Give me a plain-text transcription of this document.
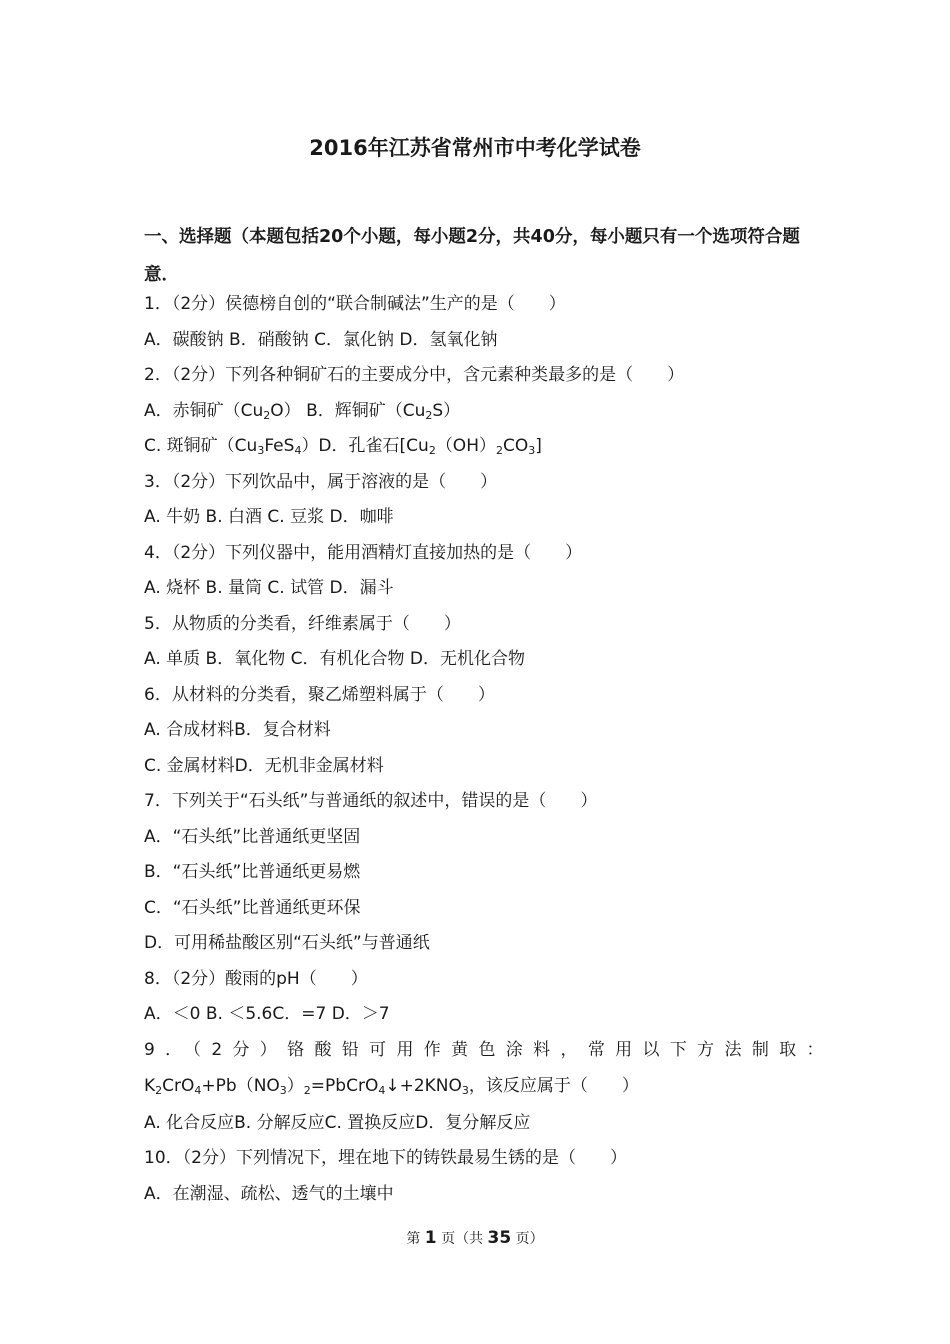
2016年江苏省常州市中考化学试卷
一、选择题（本题包括20个小题，每小题2分，共40分，每小题只有一个选项符合题意．
1．（2分）侯德榜自创的“联合制碱法”生产的是（　　）
A．碳酸钠 B．硝酸钠 C．氯化钠 D．氢氧化钠
2．（2分）下列各种铜矿石的主要成分中，含元素种类最多的是（　　）
A．赤铜矿$(Cu_2O)$ B．辉铜矿$(Cu_2S)$
C. 斑铜矿$(Cu_3FeS_4)D$．孔雀石$[Cu_2(OH)_2CO_3]$
3．（2分）下列饮品中，属于溶液的是（　　）
A. 牛奶 B. 白酒 C. 豆浆 D．咖啡
4．（2分）下列仪器中，能用酒精灯直接加热的是（　　）
A. 烧杯 B. 量筒 C. 试管 D．漏斗
5．从物质的分类看，纤维素属于（　　）
A. 单质 B．氧化物 C．有机化合物 D．无机化合物
6．从材料的分类看，聚乙烯塑料属于（　　）
A. 合成材料B．复合材料
C. 金属材料D．无机非金属材料
7．下列关于“石头纸”与普通纸的叙述中，错误的是（　　）
A．“石头纸”比普通纸更坚固
B．“石头纸”比普通纸更易燃
C．“石头纸”比普通纸更环保
D．可用稀盐酸区别“石头纸”与普通纸
8．（2分）酸雨的pH（　　）
A．＜0 B. ＜5.6C．=7 D．＞7
9．（2分）铬酸铅可用作黄色涂料，常用以下方法制取：
$K_2CrO_4+Pb(NO_3)_2=PbCrO_4↓+2KNO_3$，该反应属于（　　）
A. 化合反应B. 分解反应C. 置换反应D．复分解反应
10．（2分）下列情况下，埋在地下的铸铁最易生锈的是（　　）
A．在潮湿、疏松、透气的土壤中
第 1 页（共 35 页）
